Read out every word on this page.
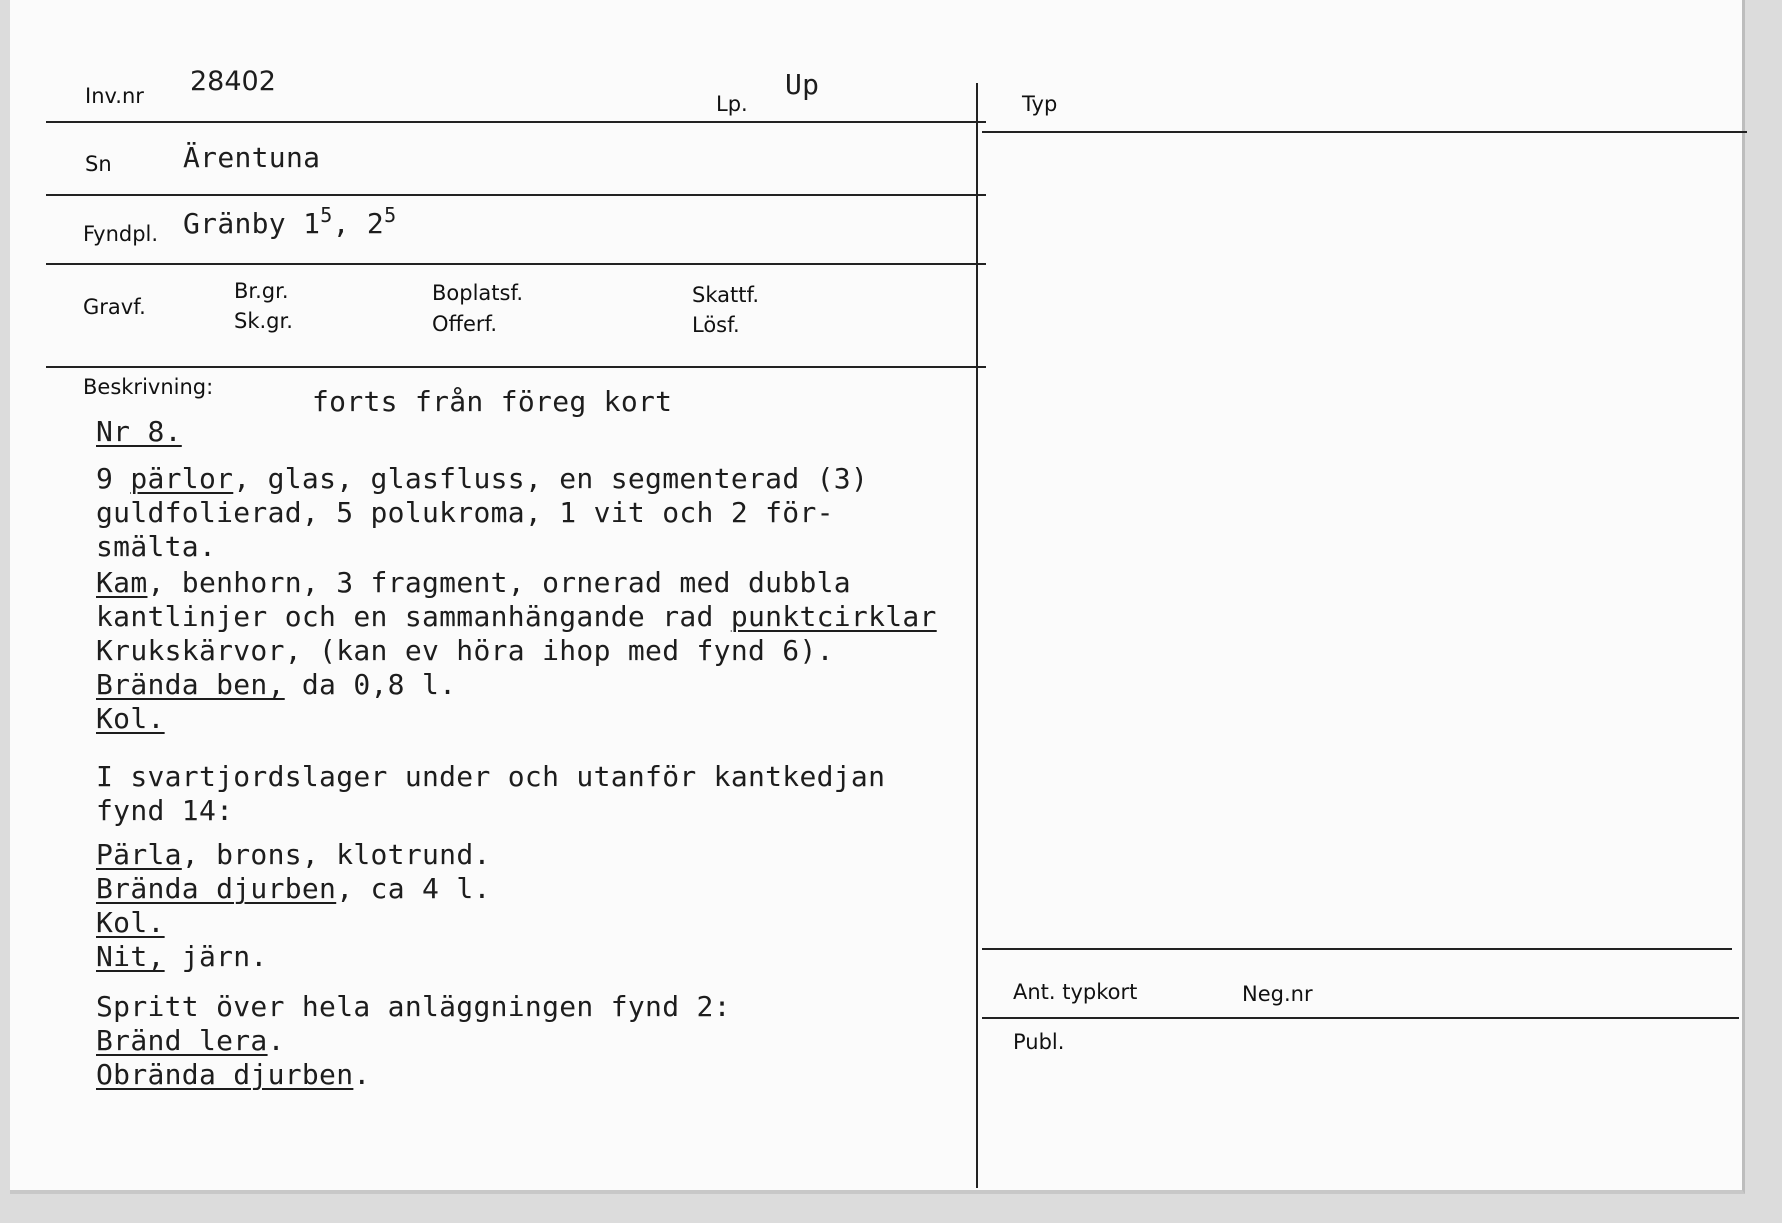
Inv.nr 28402
Lp.
Up
Typ
Sn	Ärentuna
Fyndpl. Gränby $1^5$, $2^5$
Gravf.
Br.gr.
Sk.gr.
Boplatsf.
Offerf.
Skattf.
Lösf.
Beskrivning:	forts från föreg kort
Ant. typkort	Neg.nr
Publ.
Nr 8.
9 pärlor, glas, glasfluss, en segmenterad (3)
guldfolierad, 5 polukroma, 1 vit och 2 för-
smälta.
Kam, benhorn, 3 fragment, ornerad med dubbla
kantlinjer och en sammanhängande rad punktcirklar
Krukskärvor, (kan ev höra ihop med fynd 6).
Brända ben, da 0,8 l.
Kol.
I svartjordslager under och utanför kantkedjan
fynd 14:
Pärla, brons, klotrund.
Brända djurben, ca 4 l.
Kol.
Nit, järn.
Spritt över hela anläggningen fynd 2:
Bränd lera.
Obrända djurben.
